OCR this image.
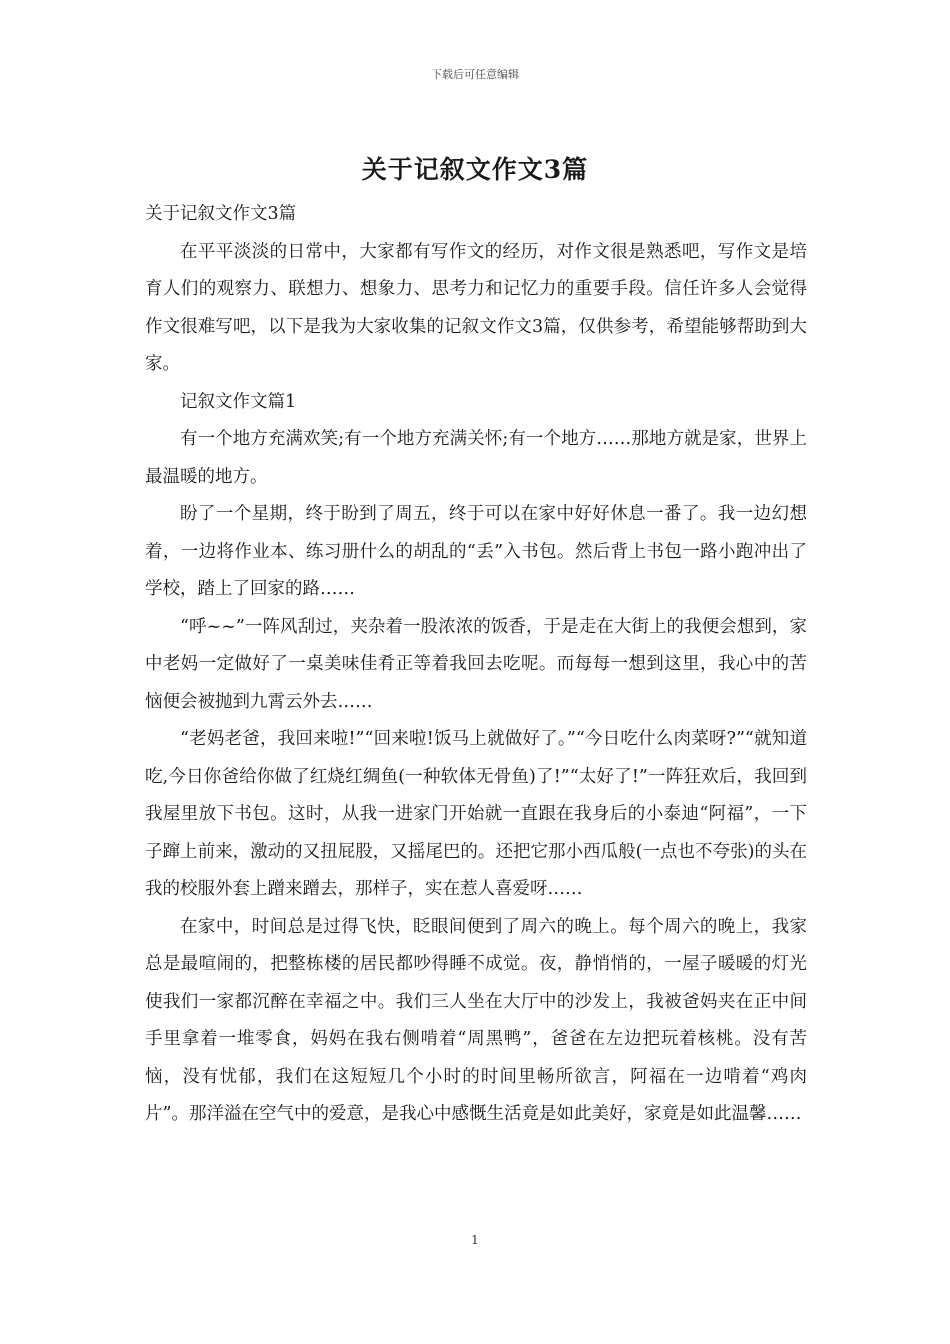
下载后可任意编辑
关于记叙文作文3篇

关于记叙文作文3篇

在平平淡淡的日常中，大家都有写作文的经历，对作文很是熟悉吧，写作文是培育人们的观察力、联想力、想象力、思考力和记忆力的重要手段。信任许多人会觉得作文很难写吧，以下是我为大家收集的记叙文作文3篇，仅供参考，希望能够帮助到大家。

记叙文作文篇1

有一个地方充满欢笑;有一个地方充满关怀;有一个地方……那地方就是家，世界上最温暖的地方。

盼了一个星期，终于盼到了周五，终于可以在家中好好休息一番了。我一边幻想着，一边将作业本、练习册什么的胡乱的“丢”入书包。然后背上书包一路小跑冲出了学校，踏上了回家的路……

“呼~~”一阵风刮过，夹杂着一股浓浓的饭香，于是走在大街上的我便会想到，家中老妈一定做好了一桌美味佳肴正等着我回去吃呢。而每每一想到这里，我心中的苦恼便会被抛到九霄云外去……

“老妈老爸，我回来啦!”“回来啦!饭马上就做好了。”“今日吃什么肉菜呀?”“就知道吃,今日你爸给你做了红烧红绸鱼(一种软体无骨鱼)了!”“太好了!”一阵狂欢后，我回到我屋里放下书包。这时，从我一进家门开始就一直跟在我身后的小泰迪“阿福”，一下子蹿上前来，激动的又扭屁股，又摇尾巴的。还把它那小西瓜般(一点也不夸张)的头在我的校服外套上蹭来蹭去，那样子，实在惹人喜爱呀……

在家中，时间总是过得飞快，眨眼间便到了周六的晚上。每个周六的晚上，我家总是最喧闹的，把整栋楼的居民都吵得睡不成觉。夜，静悄悄的，一屋子暖暖的灯光使我们一家都沉醉在幸福之中。我们三人坐在大厅中的沙发上，我被爸妈夹在正中间手里拿着一堆零食，妈妈在我右侧啃着“周黑鸭”，爸爸在左边把玩着核桃。没有苦恼，没有忧郁，我们在这短短几个小时的时间里畅所欲言，阿福在一边啃着“鸡肉片”。那洋溢在空气中的爱意，是我心中感慨生活竟是如此美好，家竟是如此温馨……

1
